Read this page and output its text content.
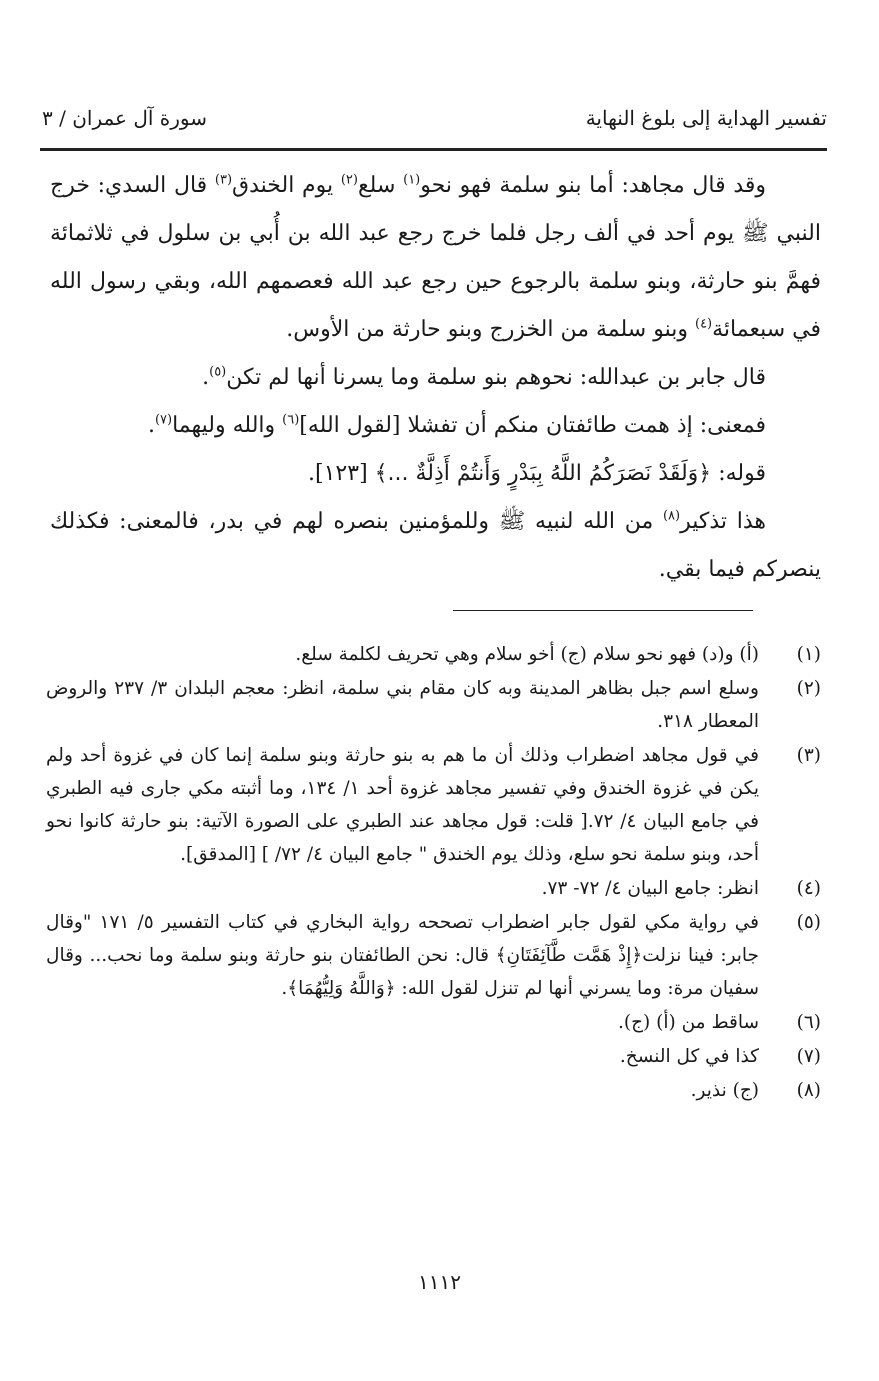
تفسير الهداية إلى بلوغ النهاية
سورة آل عمران / ٣

وقد قال مجاهد: أما بنو سلمة فهو نحو$^{(١)}$ سلع$^{(٢)}$ يوم الخندق$^{(٣)}$ قال السدي: خرج النبي ﷺ يوم أحد في ألف رجل فلما خرج رجع عبد الله بن أُبي بن سلول في ثلاثمائة فهمَّ بنو حارثة، وبنو سلمة بالرجوع حين رجع عبد الله فعصمهم الله، وبقي رسول الله في سبعمائة$^{(٤)}$ وبنو سلمة من الخزرج وبنو حارثة من الأوس.

قال جابر بن عبدالله: نحوهم بنو سلمة وما يسرنا أنها لم تكن$^{(٥)}$.

فمعنى: إذ همت طائفتان منكم أن تفشلا [لقول الله]$^{(٦)}$ والله وليهما$^{(٧)}$.

قوله: ﴿وَلَقَدْ نَصَرَكُمُ اللَّهُ بِبَدْرٍ وَأَنتُمْ أَذِلَّةٌ ...﴾ [١٢٣].

هذا تذكير$^{(٨)}$ من الله لنبيه ﷺ وللمؤمنين بنصره لهم في بدر، فالمعنى: فكذلك ينصركم فيما بقي.

(١)
(أ) و(د) فهو نحو سلام (ج) أخو سلام وهي تحريف لكلمة سلع.
(٢)
وسلع اسم جبل بظاهر المدينة وبه كان مقام بني سلمة، انظر: معجم البلدان ٣/ ٢٣٧ والروض المعطار ٣١٨.
(٣)
في قول مجاهد اضطراب وذلك أن ما هم به بنو حارثة وبنو سلمة إنما كان في غزوة أحد ولم يكن في غزوة الخندق وفي تفسير مجاهد غزوة أحد ١/ ١٣٤، وما أثبته مكي جارى فيه الطبري في جامع البيان ٤/ ٧٢.[ قلت: قول مجاهد عند الطبري على الصورة الآتية: بنو حارثة كانوا نحو أحد، وبنو سلمة نحو سلع، وذلك يوم الخندق " جامع البيان ٤/ ٧٢/ ] [المدقق].
(٤)
انظر: جامع البيان ٤/ ٧٢- ٧٣.
(٥)
في رواية مكي لقول جابر اضطراب تصححه رواية البخاري في كتاب التفسير ٥/ ١٧١ "وقال جابر: فينا نزلت﴿إِذْ هَمَّت طَّآئِفَتَانِ﴾ قال: نحن الطائفتان بنو حارثة وبنو سلمة وما نحب... وقال سفيان مرة: وما يسرني أنها لم تنزل لقول الله: ﴿وَاللَّهُ وَلِيُّهُمَا﴾.
(٦)
ساقط من (أ) (ج).
(٧)
كذا في كل النسخ.
(٨)
(ج) نذير.
١١١٢
